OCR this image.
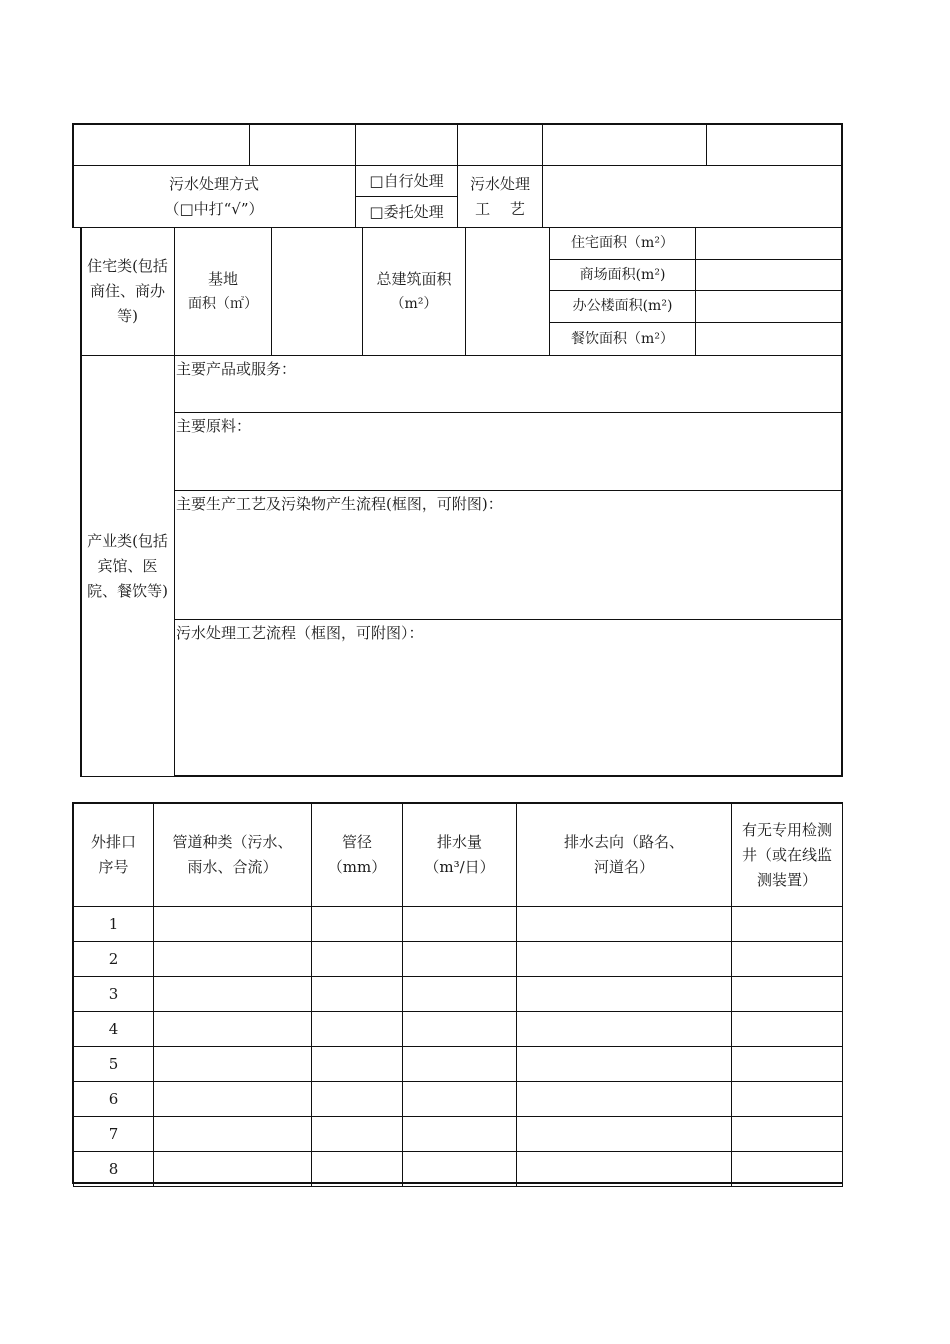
污水处理方式
（□中打“√”）
□自行处理
□委托处理
污水处理
工　 艺
住宅类(包括商住、商办等)
基地
面积（㎡）
总建筑面积
（m²）
住宅面积（m²）
商场面积(m²)
办公楼面积(m²)
餐饮面积（m²）
产业类(包括宾馆、医院、餐饮等)
主要产品或服务：
主要原料：
主要生产工艺及污染物产生流程(框图，可附图)：
污水处理工艺流程（框图，可附图）：
外排口序号
管道种类（污水、雨水、合流）
管径（mm）
排水量（m³/日）
排水去向（路名、河道名）
有无专用检测井（或在线监测装置）
1
2
3
4
5
6
7
8
